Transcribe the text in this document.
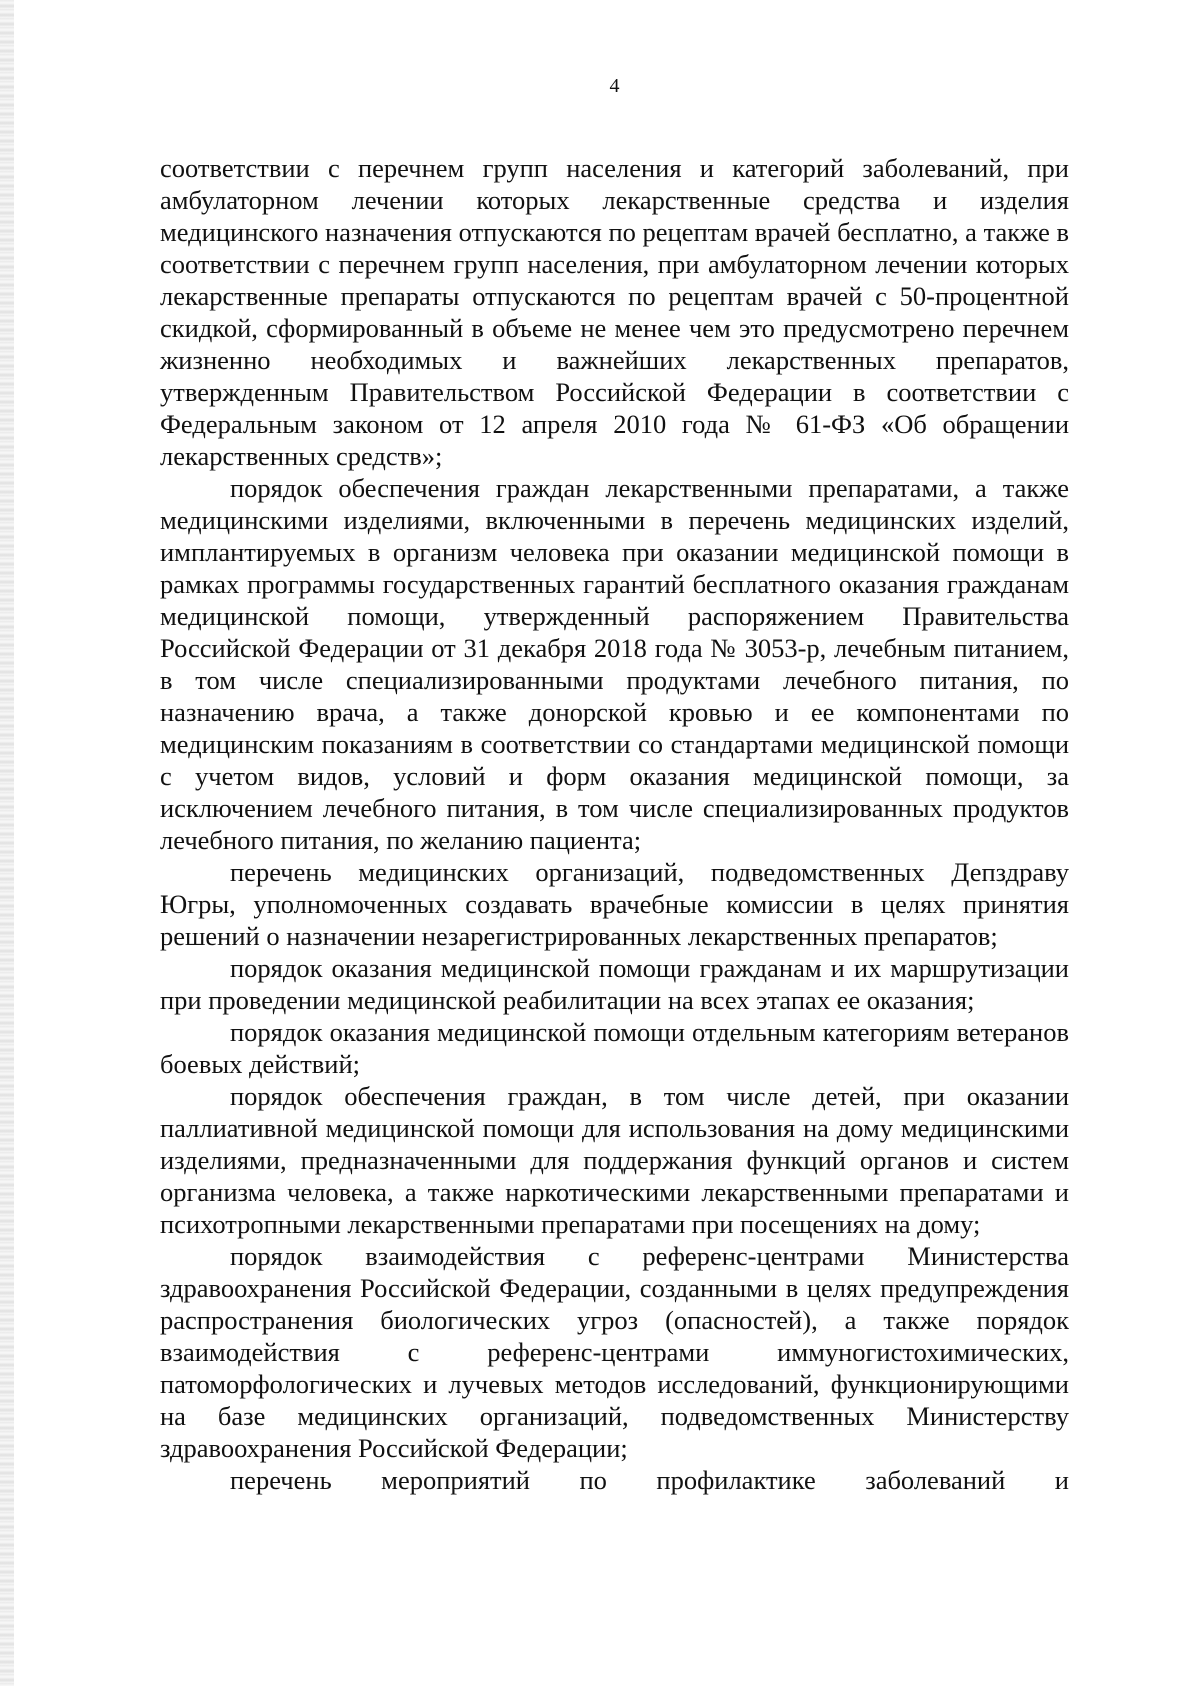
4

соответствии с перечнем групп населения и категорий заболеваний, при амбулаторном лечении которых лекарственные средства и изделия медицинского назначения отпускаются по рецептам врачей бесплатно, а также в соответствии с перечнем групп населения, при амбулаторном лечении которых лекарственные препараты отпускаются по рецептам врачей с 50-процентной скидкой, сформированный в объеме не менее чем это предусмотрено перечнем жизненно необходимых и важнейших лекарственных препаратов, утвержденным Правительством Российской Федерации в соответствии с Федеральным законом от 12 апреля 2010 года № 61-ФЗ «Об обращении лекарственных средств»;

порядок обеспечения граждан лекарственными препаратами, а также медицинскими изделиями, включенными в перечень медицинских изделий, имплантируемых в организм человека при оказании медицинской помощи в рамках программы государственных гарантий бесплатного оказания гражданам медицинской помощи, утвержденный распоряжением Правительства Российской Федерации от 31 декабря 2018 года № 3053-р, лечебным питанием, в том числе специализированными продуктами лечебного питания, по назначению врача, а также донорской кровью и ее компонентами по медицинским показаниям в соответствии со стандартами медицинской помощи с учетом видов, условий и форм оказания медицинской помощи, за исключением лечебного питания, в том числе специализированных продуктов лечебного питания, по желанию пациента;

перечень медицинских организаций, подведомственных Депздраву Югры, уполномоченных создавать врачебные комиссии в целях принятия решений о назначении незарегистрированных лекарственных препаратов;

порядок оказания медицинской помощи гражданам и их маршрутизации при проведении медицинской реабилитации на всех этапах ее оказания;

порядок оказания медицинской помощи отдельным категориям ветеранов боевых действий;

порядок обеспечения граждан, в том числе детей, при оказании паллиативной медицинской помощи для использования на дому медицинскими изделиями, предназначенными для поддержания функций органов и систем организма человека, а также наркотическими лекарственными препаратами и психотропными лекарственными препаратами при посещениях на дому;

порядок взаимодействия с референс-центрами Министерства здравоохранения Российской Федерации, созданными в целях предупреждения распространения биологических угроз (опасностей), а также порядок взаимодействия с референс-центрами иммуногистохимических, патоморфологических и лучевых методов исследований, функционирующими на базе медицинских организаций, подведомственных Министерству здравоохранения Российской Федерации;

перечень мероприятий по профилактике заболеваний и
